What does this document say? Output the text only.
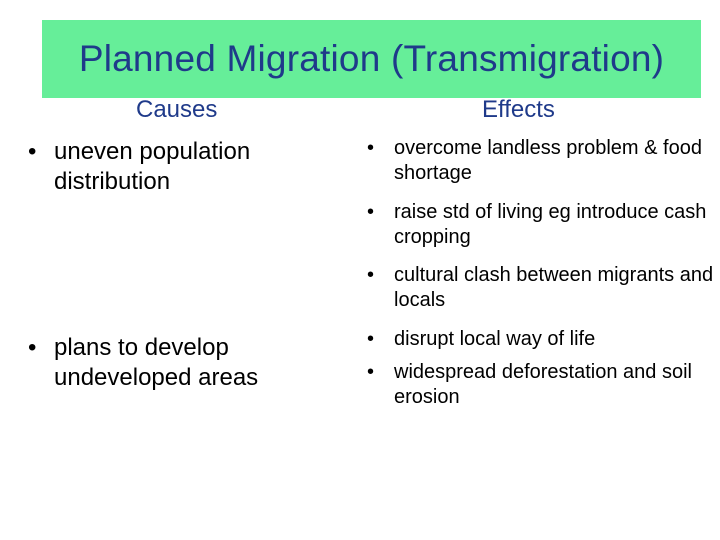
Planned Migration (Transmigration)
Causes	Effects
• uneven population distribution
• plans to develop undeveloped areas
• overcome landless problem & food shortage
• raise std of living eg introduce cash cropping
• cultural clash between migrants and locals
• disrupt local way of life
• widespread deforestation and soil erosion
